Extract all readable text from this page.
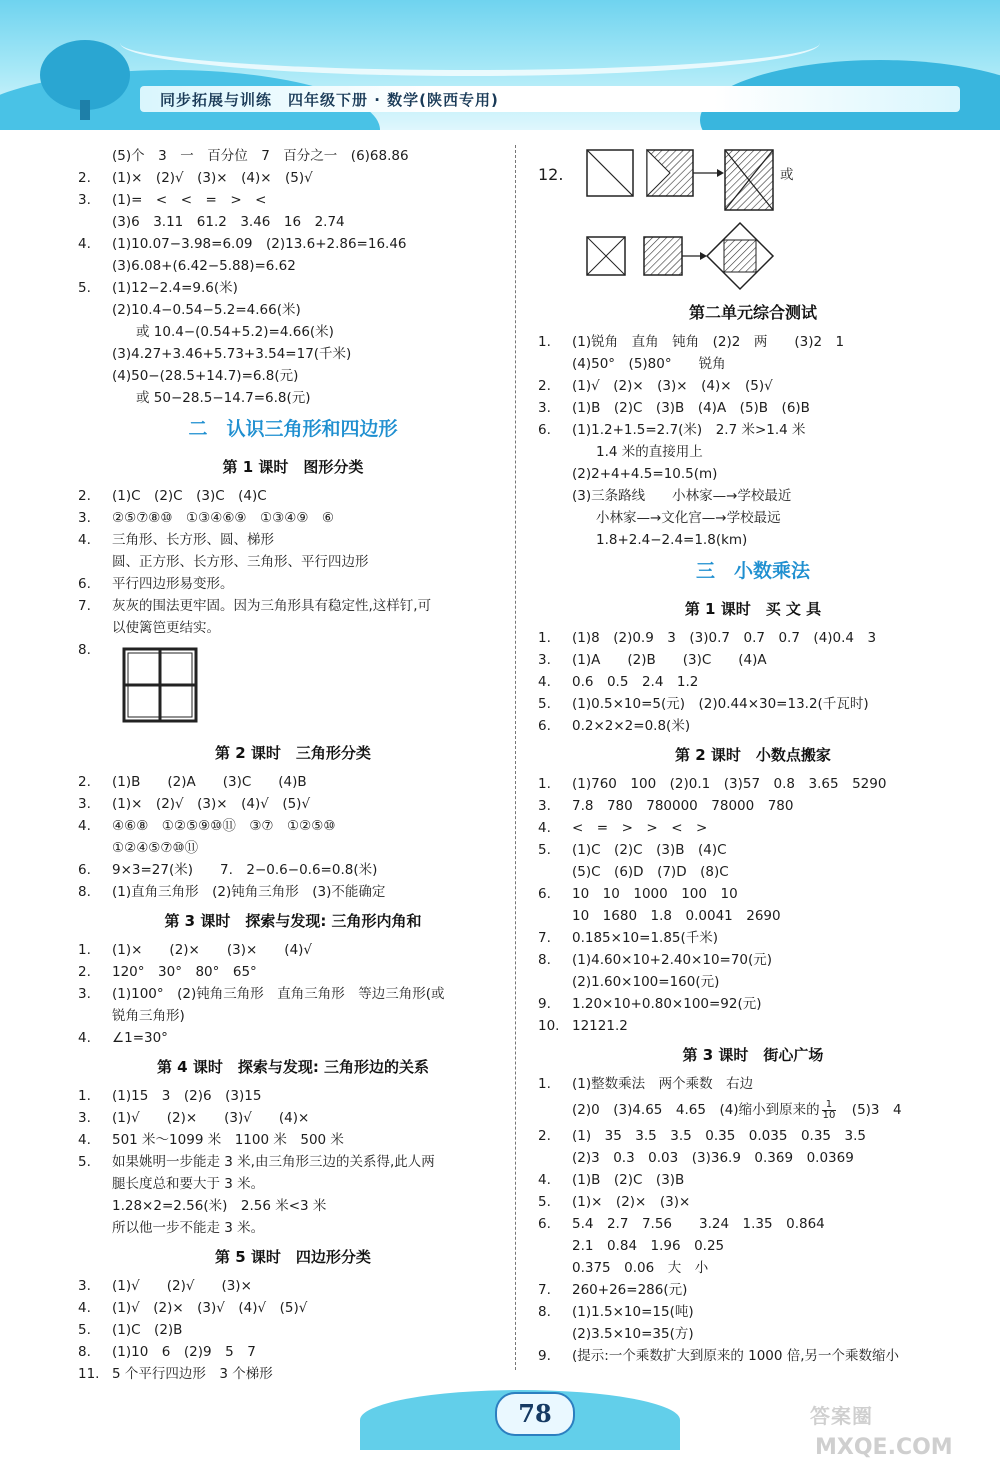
同步拓展与训练　四年级下册 · 数学(陕西专用)
(5)个　3　一　百分位　7　百分之一　(6)68.86
2. (1)×　(2)√　(3)×　(4)×　(5)√
3. (1)=　<　<　=　>　<
(3)6　3.11　61.2　3.46　16　2.74
4. (1)10.07−3.98=6.09　(2)13.6+2.86=16.46
(3)6.08+(6.42−5.88)=6.62
5. (1)12−2.4=9.6(米)
(2)10.4−0.54−5.2=4.66(米)
或 10.4−(0.54+5.2)=4.66(米)
(3)4.27+3.46+5.73+3.54=17(千米)
(4)50−(28.5+14.7)=6.8(元)
或 50−28.5−14.7=6.8(元)
二　认识三角形和四边形
第 1 课时　图形分类
2. (1)C　(2)C　(3)C　(4)C
3. ②⑤⑦⑧⑩　①③④⑥⑨　①③④⑨　⑥
4. 三角形、长方形、圆、梯形
圆、正方形、长方形、三角形、平行四边形
6. 平行四边形易变形。
7. 灰灰的围法更牢固。因为三角形具有稳定性,这样钉,可
以使篱笆更结实。
8.
第 2 课时　三角形分类
2. (1)B　　(2)A　　(3)C　　(4)B
3. (1)×　(2)√　(3)×　(4)√　(5)√
4. ④⑥⑧　①②⑤⑨⑩⑪　③⑦　①②⑤⑩
①②④⑤⑦⑩⑪
6. 9×3=27(米)　　7.　2−0.6−0.6=0.8(米)
8. (1)直角三角形　(2)钝角三角形　(3)不能确定
第 3 课时　探索与发现: 三角形内角和
1. (1)×　　(2)×　　(3)×　　(4)√
2. 120°　30°　80°　65°
3. (1)100°　(2)钝角三角形　直角三角形　等边三角形(或
锐角三角形)
4. ∠1=30°
第 4 课时　探索与发现: 三角形边的关系
1. (1)15　3　(2)6　(3)15
3. (1)√　　(2)×　　(3)√　　(4)×
4. 501 米～1099 米　1100 米　500 米
5. 如果姚明一步能走 3 米,由三角形三边的关系得,此人两
腿长度总和要大于 3 米。
1.28×2=2.56(米)　2.56 米<3 米
所以他一步不能走 3 米。
第 5 课时　四边形分类
3. (1)√　　(2)√　　(3)×
4. (1)√　(2)×　(3)√　(4)√　(5)√
5. (1)C　(2)B
8. (1)10　6　(2)9　5　7
11. 5 个平行四边形　3 个梯形
12.	或
第二单元综合测试
1. (1)锐角　直角　钝角　(2)2　两　　(3)2　1
(4)50°　(5)80°　　锐角
2. (1)√　(2)×　(3)×　(4)×　(5)√
3. (1)B　(2)C　(3)B　(4)A　(5)B　(6)B
6. (1)1.2+1.5=2.7(米)　2.7 米>1.4 米
1.4 米的直接用上
(2)2+4+4.5=10.5(m)
(3)三条路线　　小林家—→学校最近
小林家—→文化宫—→学校最远
1.8+2.4−2.4=1.8(km)
三　小数乘法
第 1 课时　买 文 具
1. (1)8　(2)0.9　3　(3)0.7　0.7　0.7　(4)0.4　3
3. (1)A　　(2)B　　(3)C　　(4)A
4. 0.6　0.5　2.4　1.2
5. (1)0.5×10=5(元)　(2)0.44×30=13.2(千瓦时)
6. 0.2×2×2=0.8(米)
第 2 课时　小数点搬家
1. (1)760　100　(2)0.1　(3)57　0.8　3.65　5290
3. 7.8　780　780000　78000　780
4. <　=　>　>　<　>
5. (1)C　(2)C　(3)B　(4)C
(5)C　(6)D　(7)D　(8)C
6. 10　10　1000　100　10
10　1680　1.8　0.0041　2690
7. 0.185×10=1.85(千米)
8. (1)4.60×10+2.40×10=70(元)
(2)1.60×100=160(元)
9. 1.20×10+0.80×100=92(元)
10. 12121.2
第 3 课时　街心广场
1. (1)整数乘法　两个乘数　右边
(2)0　(3)4.65　4.65　(4)缩小到原来的 $\frac{1}{10}$ 　(5)3　4
2. (1)　35　3.5　3.5　0.35　0.035　0.35　3.5
(2)3　0.3　0.03　(3)36.9　0.369　0.0369
4. (1)B　(2)C　(3)B
5. (1)×　(2)×　(3)×
6. 5.4　2.7　7.56　　3.24　1.35　0.864
2.1　0.84　1.96　0.25
0.375　0.06　大　小
7. 260+26=286(元)
8. (1)1.5×10=15(吨)
(2)3.5×10=35(方)
9. (提示:一个乘数扩大到原来的 1000 倍,另一个乘数缩小
78	答案圈
MXQE.COM
